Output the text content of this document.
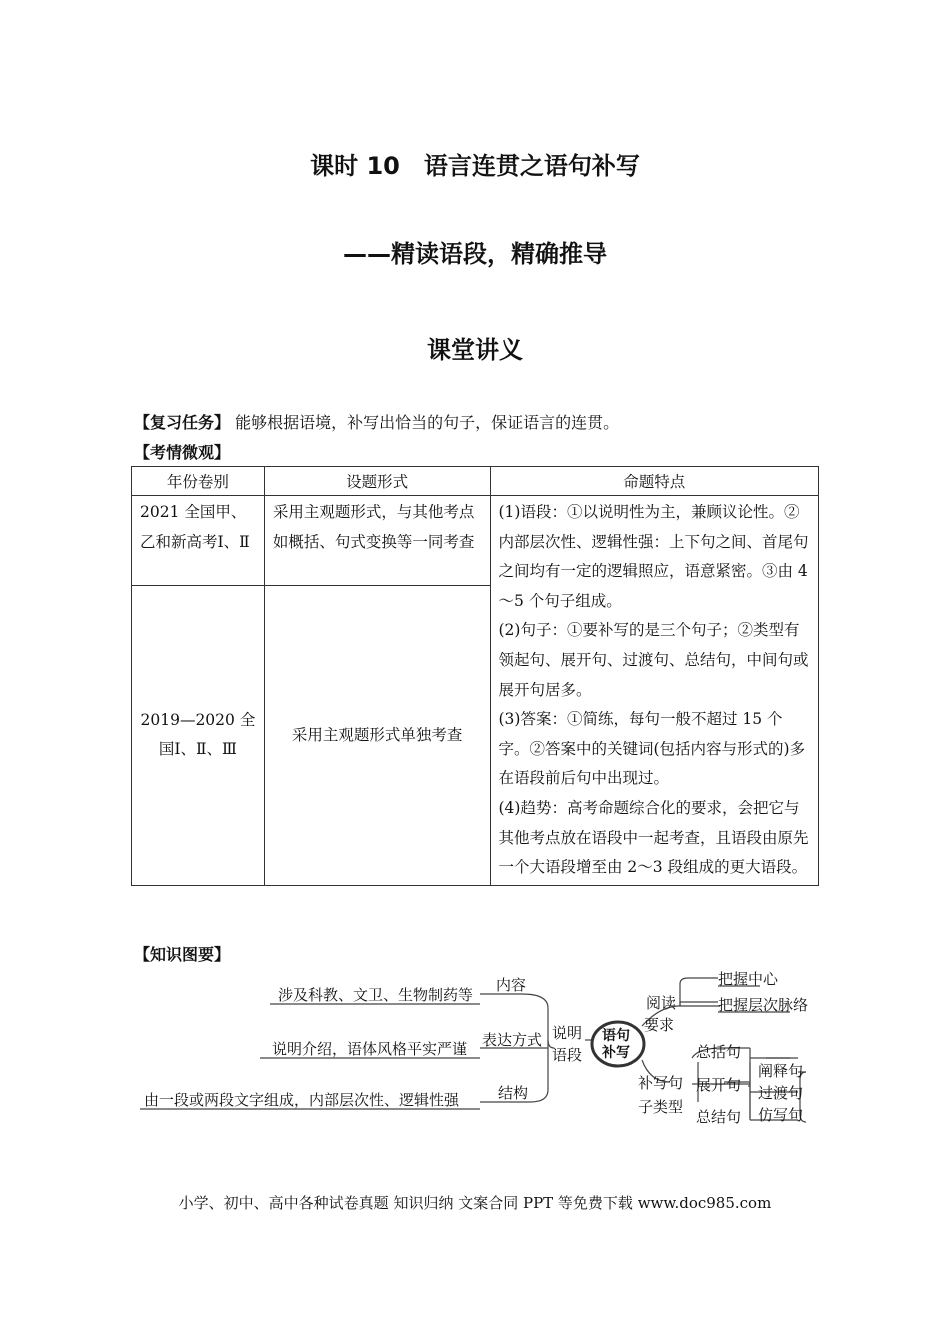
课时 10　语言连贯之语句补写
——精读语段，精确推导
课堂讲义
【复习任务】 能够根据语境，补写出恰当的句子，保证语言的连贯。
【考情微观】
年份卷别	设题形式	命题特点
2021 全国甲、乙和新高考Ⅰ、Ⅱ	采用主观题形式，与其他考点如概括、句式变换等一同考查	(1)语段：①以说明性为主，兼顾议论性。②内部层次性、逻辑性强：上下句之间、首尾句之间均有一定的逻辑照应，语意紧密。③由 4～5 个句子组成。
(2)句子：①要补写的是三个句子；②类型有领起句、展开句、过渡句、总结句，中间句或展开句居多。
(3)答案：①简练，每句一般不超过 15 个字。②答案中的关键词(包括内容与形式的)多在语段前后句中出现过。
(4)趋势：高考命题综合化的要求，会把它与其他考点放在语段中一起考查，且语段由原先一个大语段增至由 2～3 段组成的更大语段。

2019—2020 全国Ⅰ、Ⅱ、Ⅲ	采用主观题形式单独考查	
【知识图要】
语句
补写
涉及科教、文卫、生物制药等
说明介绍，语体风格平实严谨
由一段或两段文字组成，内部层次性、逻辑性强
内容
表达方式
结构
说明
语段
阅读
要求
把握中心
把握层次脉络
补写句
子类型
总括句
展开句
总结句
阐释句
过渡句
仿写句
小学、初中、高中各种试卷真题 知识归纳 文案合同 PPT 等免费下载 www.doc985.com
